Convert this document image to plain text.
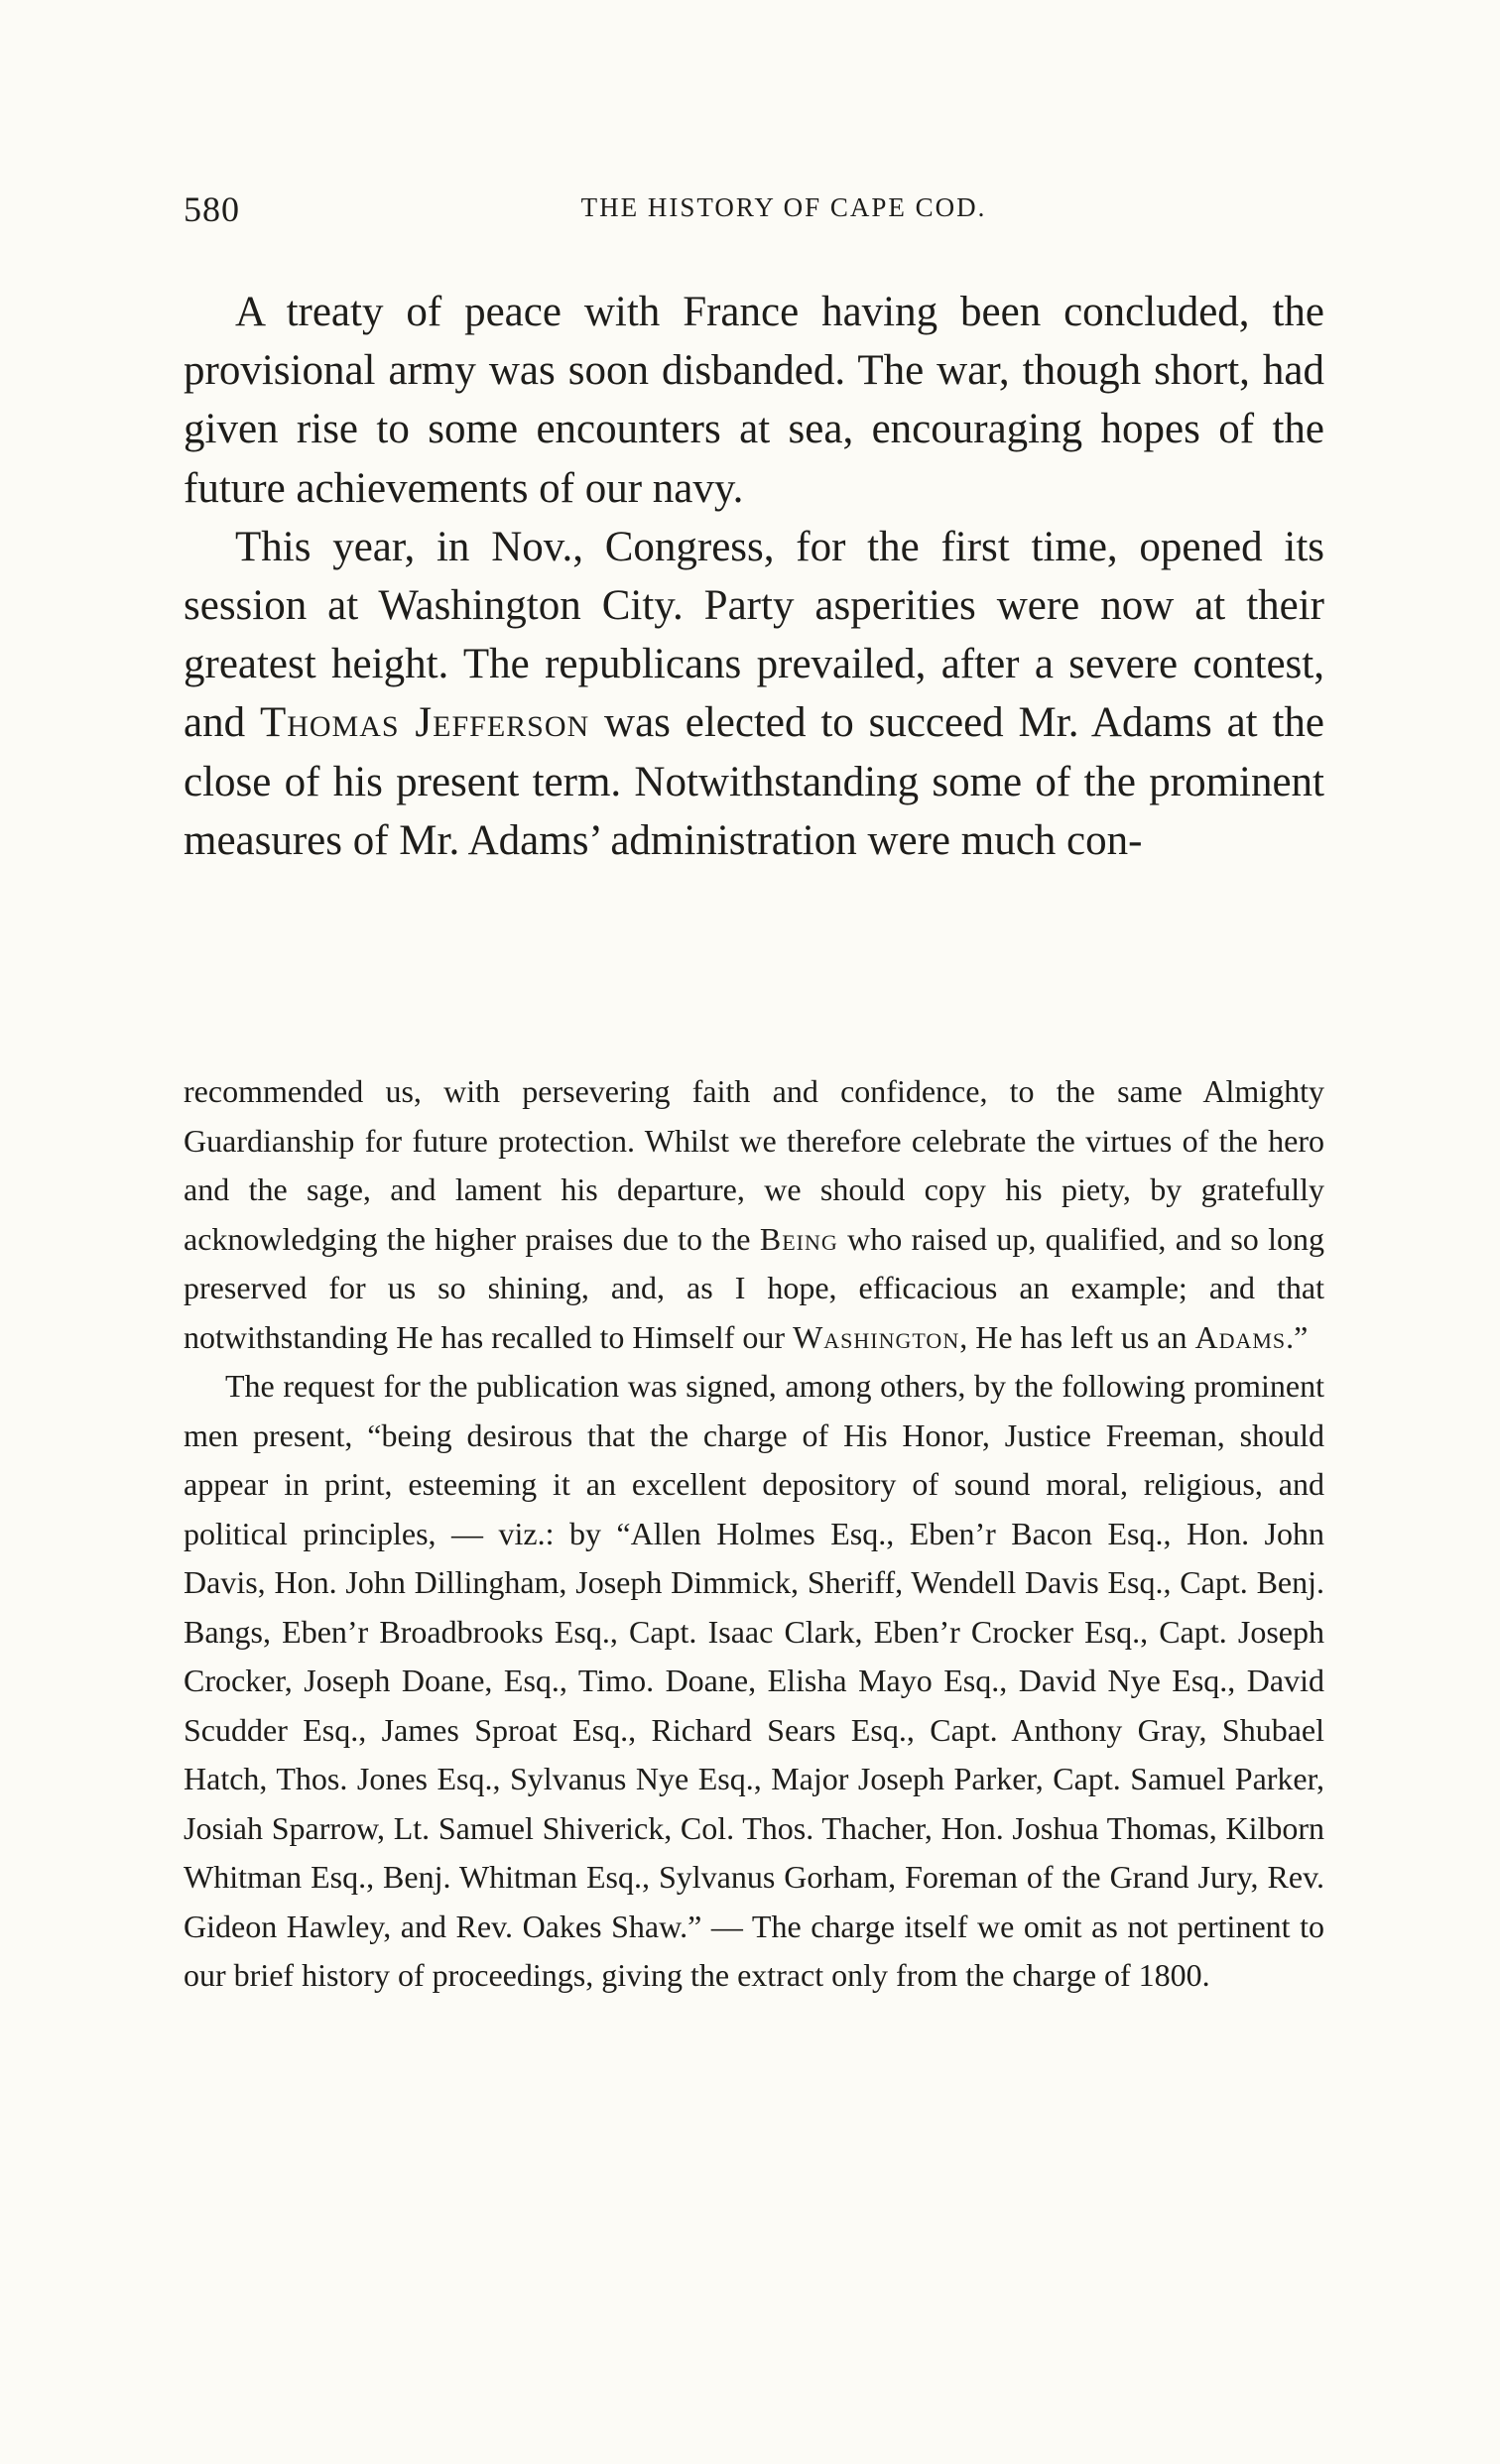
580	THE HISTORY OF CAPE COD.

A treaty of peace with France having been concluded, the provisional army was soon disbanded. The war, though short, had given rise to some encounters at sea, encouraging hopes of the future achievements of our navy.

This year, in Nov., Congress, for the first time, opened its session at Washington City. Party asperities were now at their greatest height. The republicans prevailed, after a severe contest, and Thomas Jefferson was elected to succeed Mr. Adams at the close of his present term. Notwithstanding some of the prominent measures of Mr. Adams’ administration were much con-

recommended us, with persevering faith and confidence, to the same Almighty Guardianship for future protection. Whilst we therefore celebrate the virtues of the hero and the sage, and lament his departure, we should copy his piety, by gratefully acknowledging the higher praises due to the Being who raised up, qualified, and so long preserved for us so shining, and, as I hope, efficacious an example; and that notwithstanding He has recalled to Himself our Washington, He has left us an Adams.”

The request for the publication was signed, among others, by the following prominent men present, “being desirous that the charge of His Honor, Justice Freeman, should appear in print, esteeming it an excellent depository of sound moral, religious, and political principles, — viz.: by “Allen Holmes Esq., Eben’r Bacon Esq., Hon. John Davis, Hon. John Dillingham, Joseph Dimmick, Sheriff, Wendell Davis Esq., Capt. Benj. Bangs, Eben’r Broadbrooks Esq., Capt. Isaac Clark, Eben’r Crocker Esq., Capt. Joseph Crocker, Joseph Doane, Esq., Timo. Doane, Elisha Mayo Esq., David Nye Esq., David Scudder Esq., James Sproat Esq., Richard Sears Esq., Capt. Anthony Gray, Shubael Hatch, Thos. Jones Esq., Sylvanus Nye Esq., Major Joseph Parker, Capt. Samuel Parker, Josiah Sparrow, Lt. Samuel Shiverick, Col. Thos. Thacher, Hon. Joshua Thomas, Kilborn Whitman Esq., Benj. Whitman Esq., Sylvanus Gorham, Foreman of the Grand Jury, Rev. Gideon Hawley, and Rev. Oakes Shaw.” — The charge itself we omit as not pertinent to our brief history of proceedings, giving the extract only from the charge of 1800.
